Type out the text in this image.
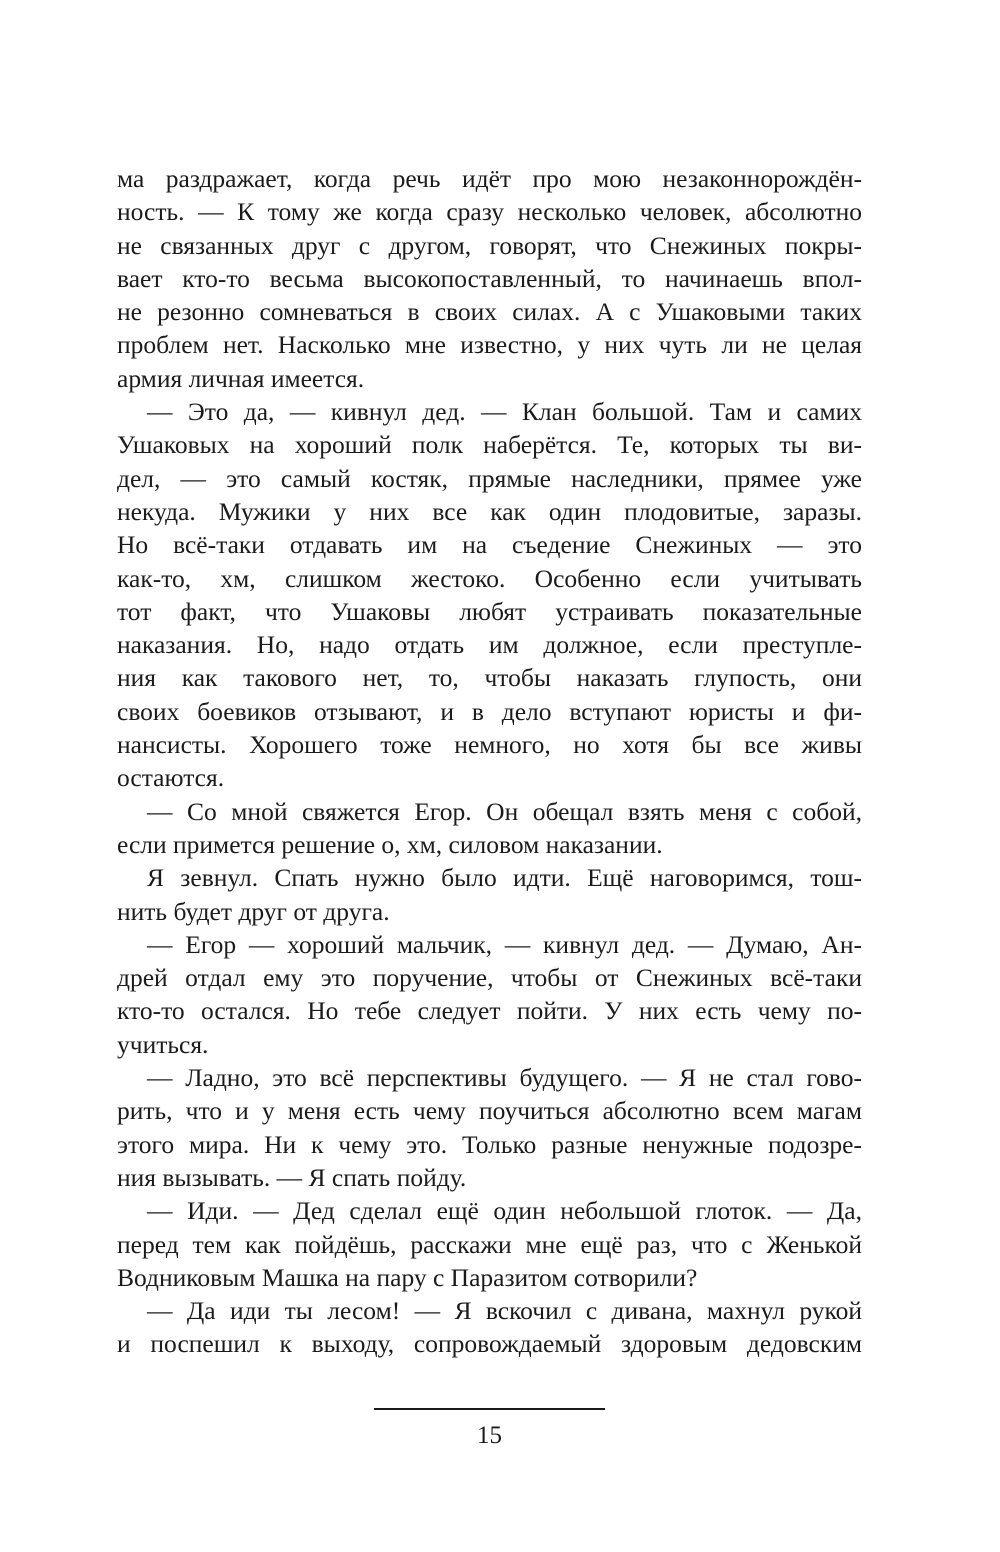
ма раздражает, когда речь идёт про мою незаконнорождён-
ность. — К тому же когда сразу несколько человек, абсолютно
не связанных друг с другом, говорят, что Снежиных покры-
вает кто-то весьма высокопоставленный, то начинаешь впол-
не резонно сомневаться в своих силах. А с Ушаковыми таких
проблем нет. Насколько мне известно, у них чуть ли не целая
армия личная имеется.
— Это да, — кивнул дед. — Клан большой. Там и самих
Ушаковых на хороший полк наберётся. Те, которых ты ви-
дел, — это самый костяк, прямые наследники, прямее уже
некуда. Мужики у них все как один плодовитые, заразы.
Но всё-таки отдавать им на съедение Снежиных — это
как-то, хм, слишком жестоко. Особенно если учитывать
тот факт, что Ушаковы любят устраивать показательные
наказания. Но, надо отдать им должное, если преступле-
ния как такового нет, то, чтобы наказать глупость, они
своих боевиков отзывают, и в дело вступают юристы и фи-
нансисты. Хорошего тоже немного, но хотя бы все живы
остаются.
— Со мной свяжется Егор. Он обещал взять меня с собой,
если примется решение о, хм, силовом наказании.
Я зевнул. Спать нужно было идти. Ещё наговоримся, тош-
нить будет друг от друга.
— Егор — хороший мальчик, — кивнул дед. — Думаю, Ан-
дрей отдал ему это поручение, чтобы от Снежиных всё-таки
кто-то остался. Но тебе следует пойти. У них есть чему по-
учиться.
— Ладно, это всё перспективы будущего. — Я не стал гово-
рить, что и у меня есть чему поучиться абсолютно всем магам
этого мира. Ни к чему это. Только разные ненужные подозре-
ния вызывать. — Я спать пойду.
— Иди. — Дед сделал ещё один небольшой глоток. — Да,
перед тем как пойдёшь, расскажи мне ещё раз, что с Женькой
Водниковым Машка на пару с Паразитом сотворили?
— Да иди ты лесом! — Я вскочил с дивана, махнул рукой
и поспешил к выходу, сопровождаемый здоровым дедовским
15
